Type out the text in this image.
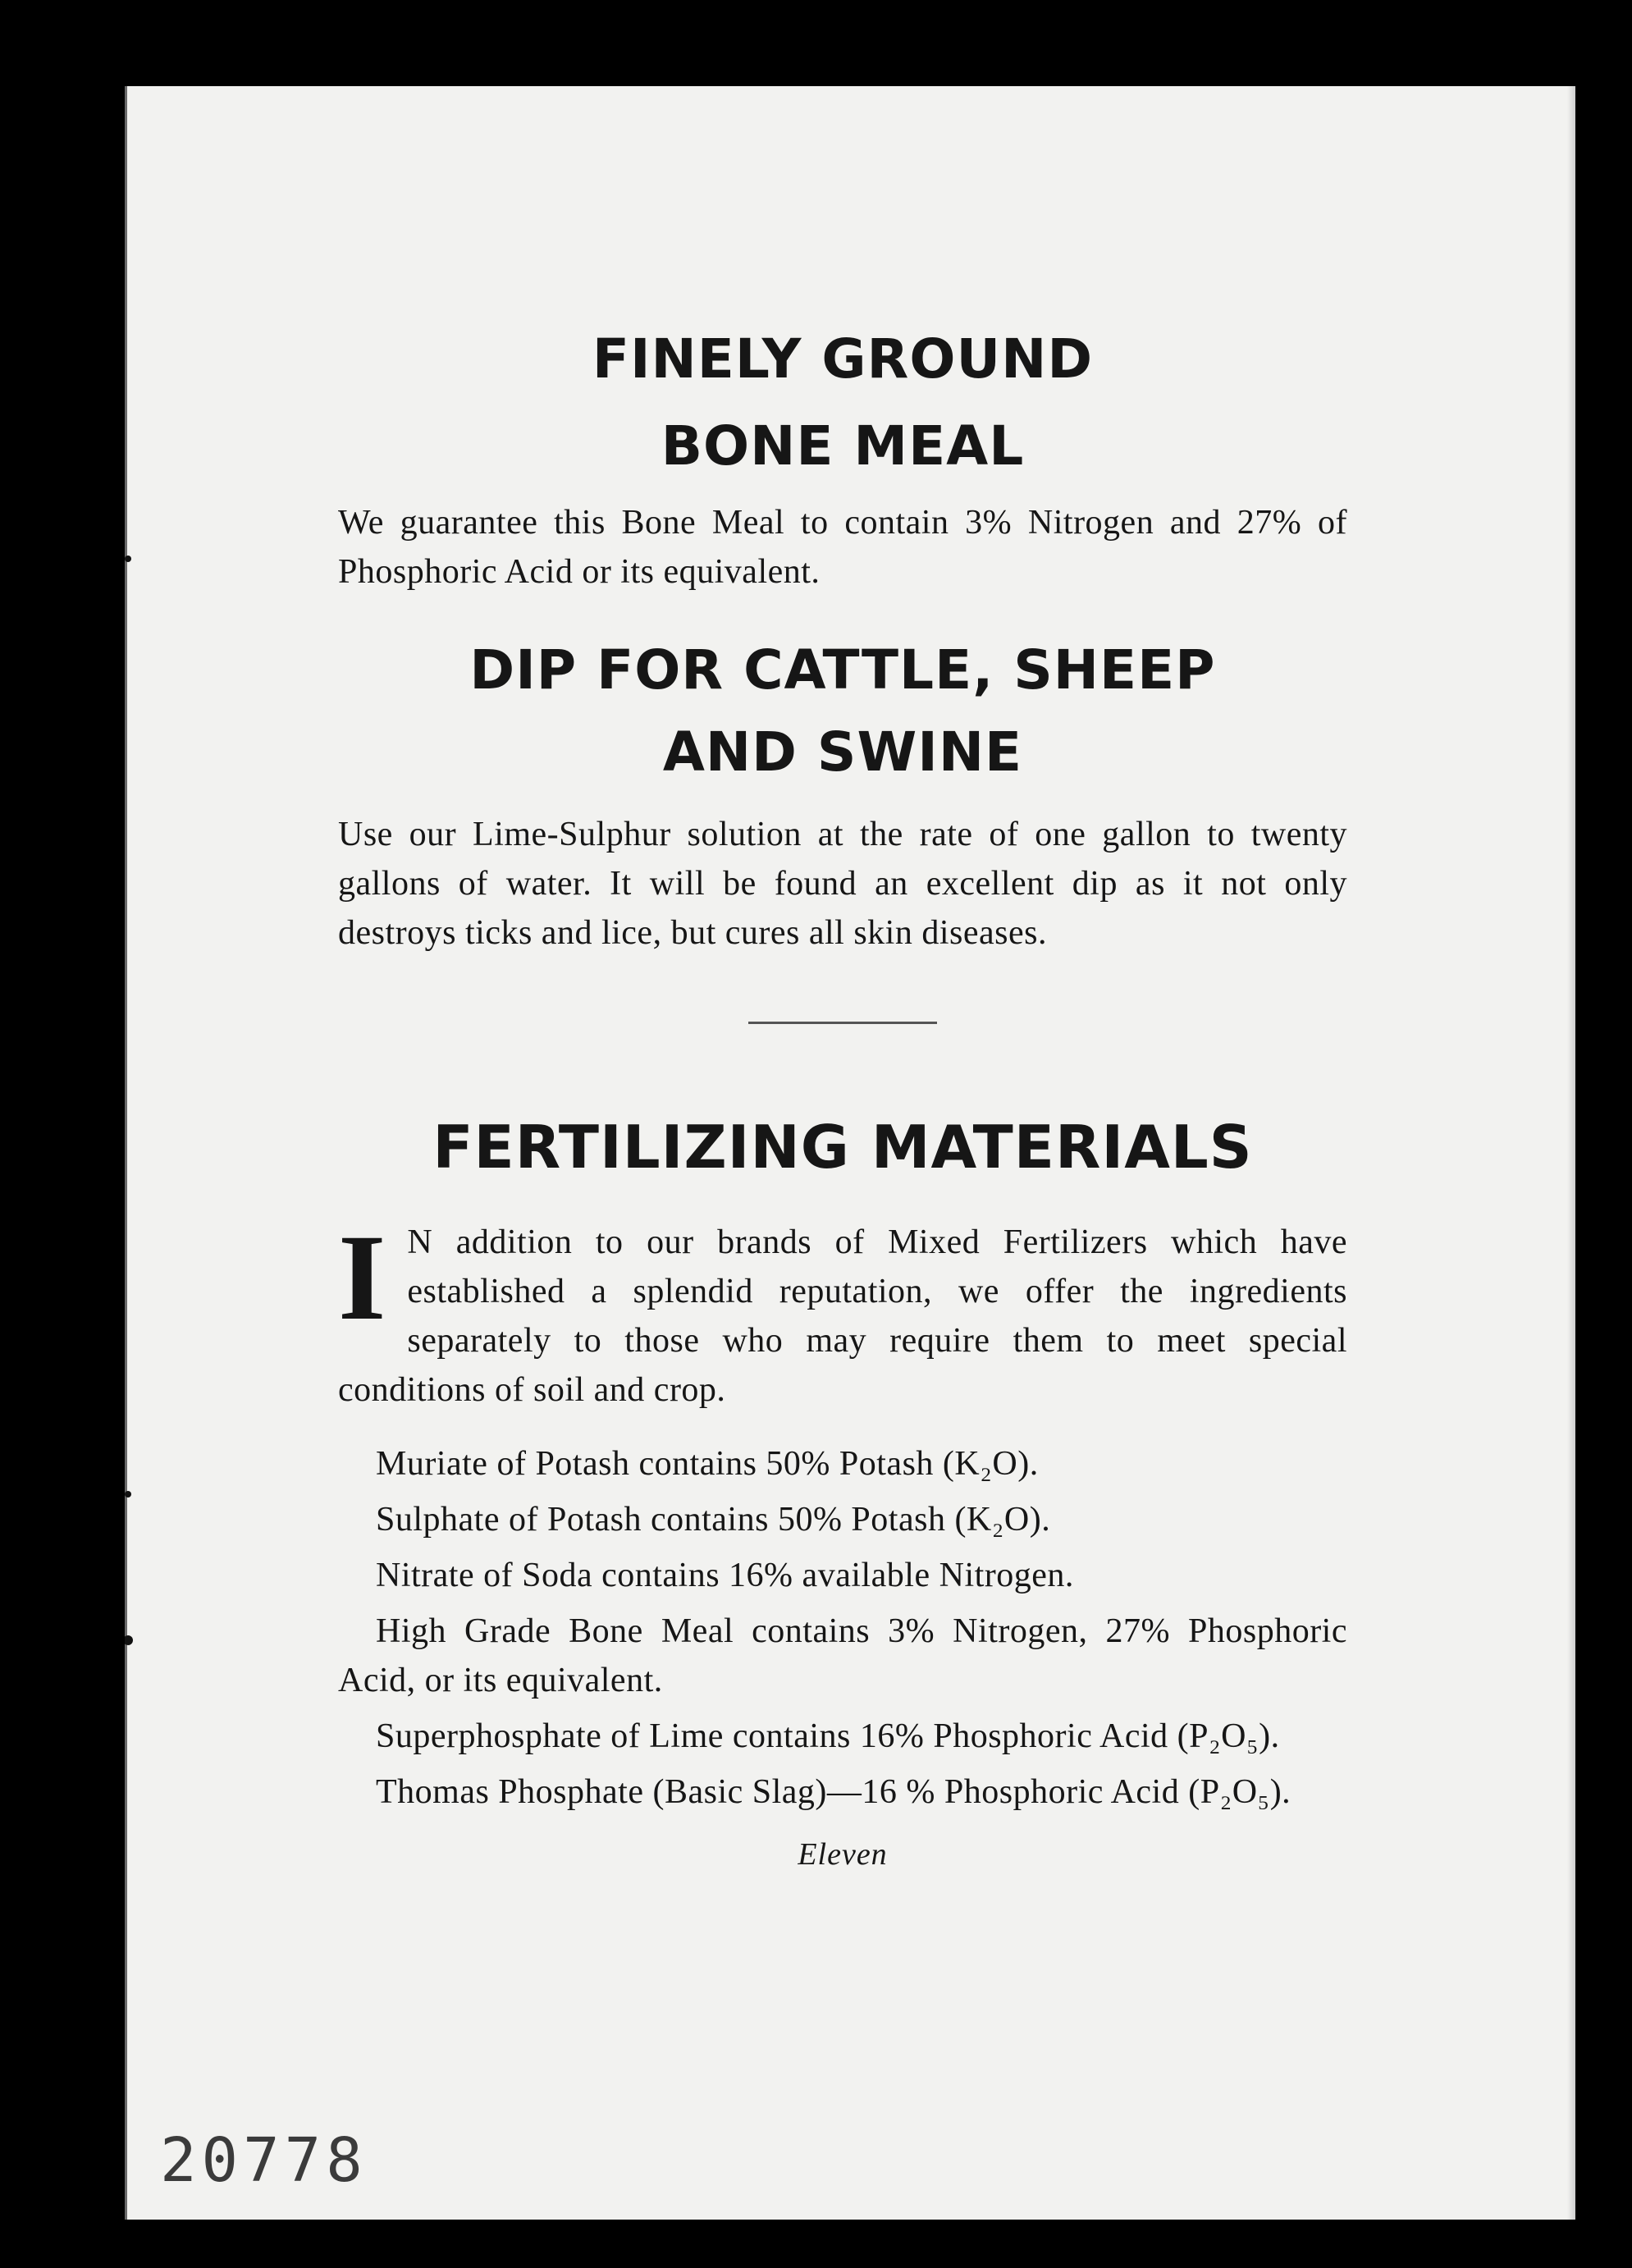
FINELY GROUND
BONE MEAL

We guarantee this Bone Meal to contain 3% Nitrogen and 27% of Phosphoric Acid or its equivalent.

DIP FOR CATTLE, SHEEP
AND SWINE

Use our Lime-Sulphur solution at the rate of one gallon to twenty gallons of water. It will be found an excellent dip as it not only destroys ticks and lice, but cures all skin diseases.

FERTILIZING MATERIALS
I N addition to our brands of Mixed Fertilizers which have established a splendid reputation, we offer the ingredients separately to those who may require them to meet special conditions of soil and crop.

Muriate of Potash contains 50% Potash (K₂O).

Sulphate of Potash contains 50% Potash (K₂O).

Nitrate of Soda contains 16% available Nitrogen.

High Grade Bone Meal contains 3% Nitrogen, 27% Phosphoric Acid, or its equivalent.

Superphosphate of Lime contains 16% Phosphoric Acid (P₂O₅).

Thomas Phosphate (Basic Slag)—16 % Phosphoric Acid (P₂O₅).

Eleven
20778
